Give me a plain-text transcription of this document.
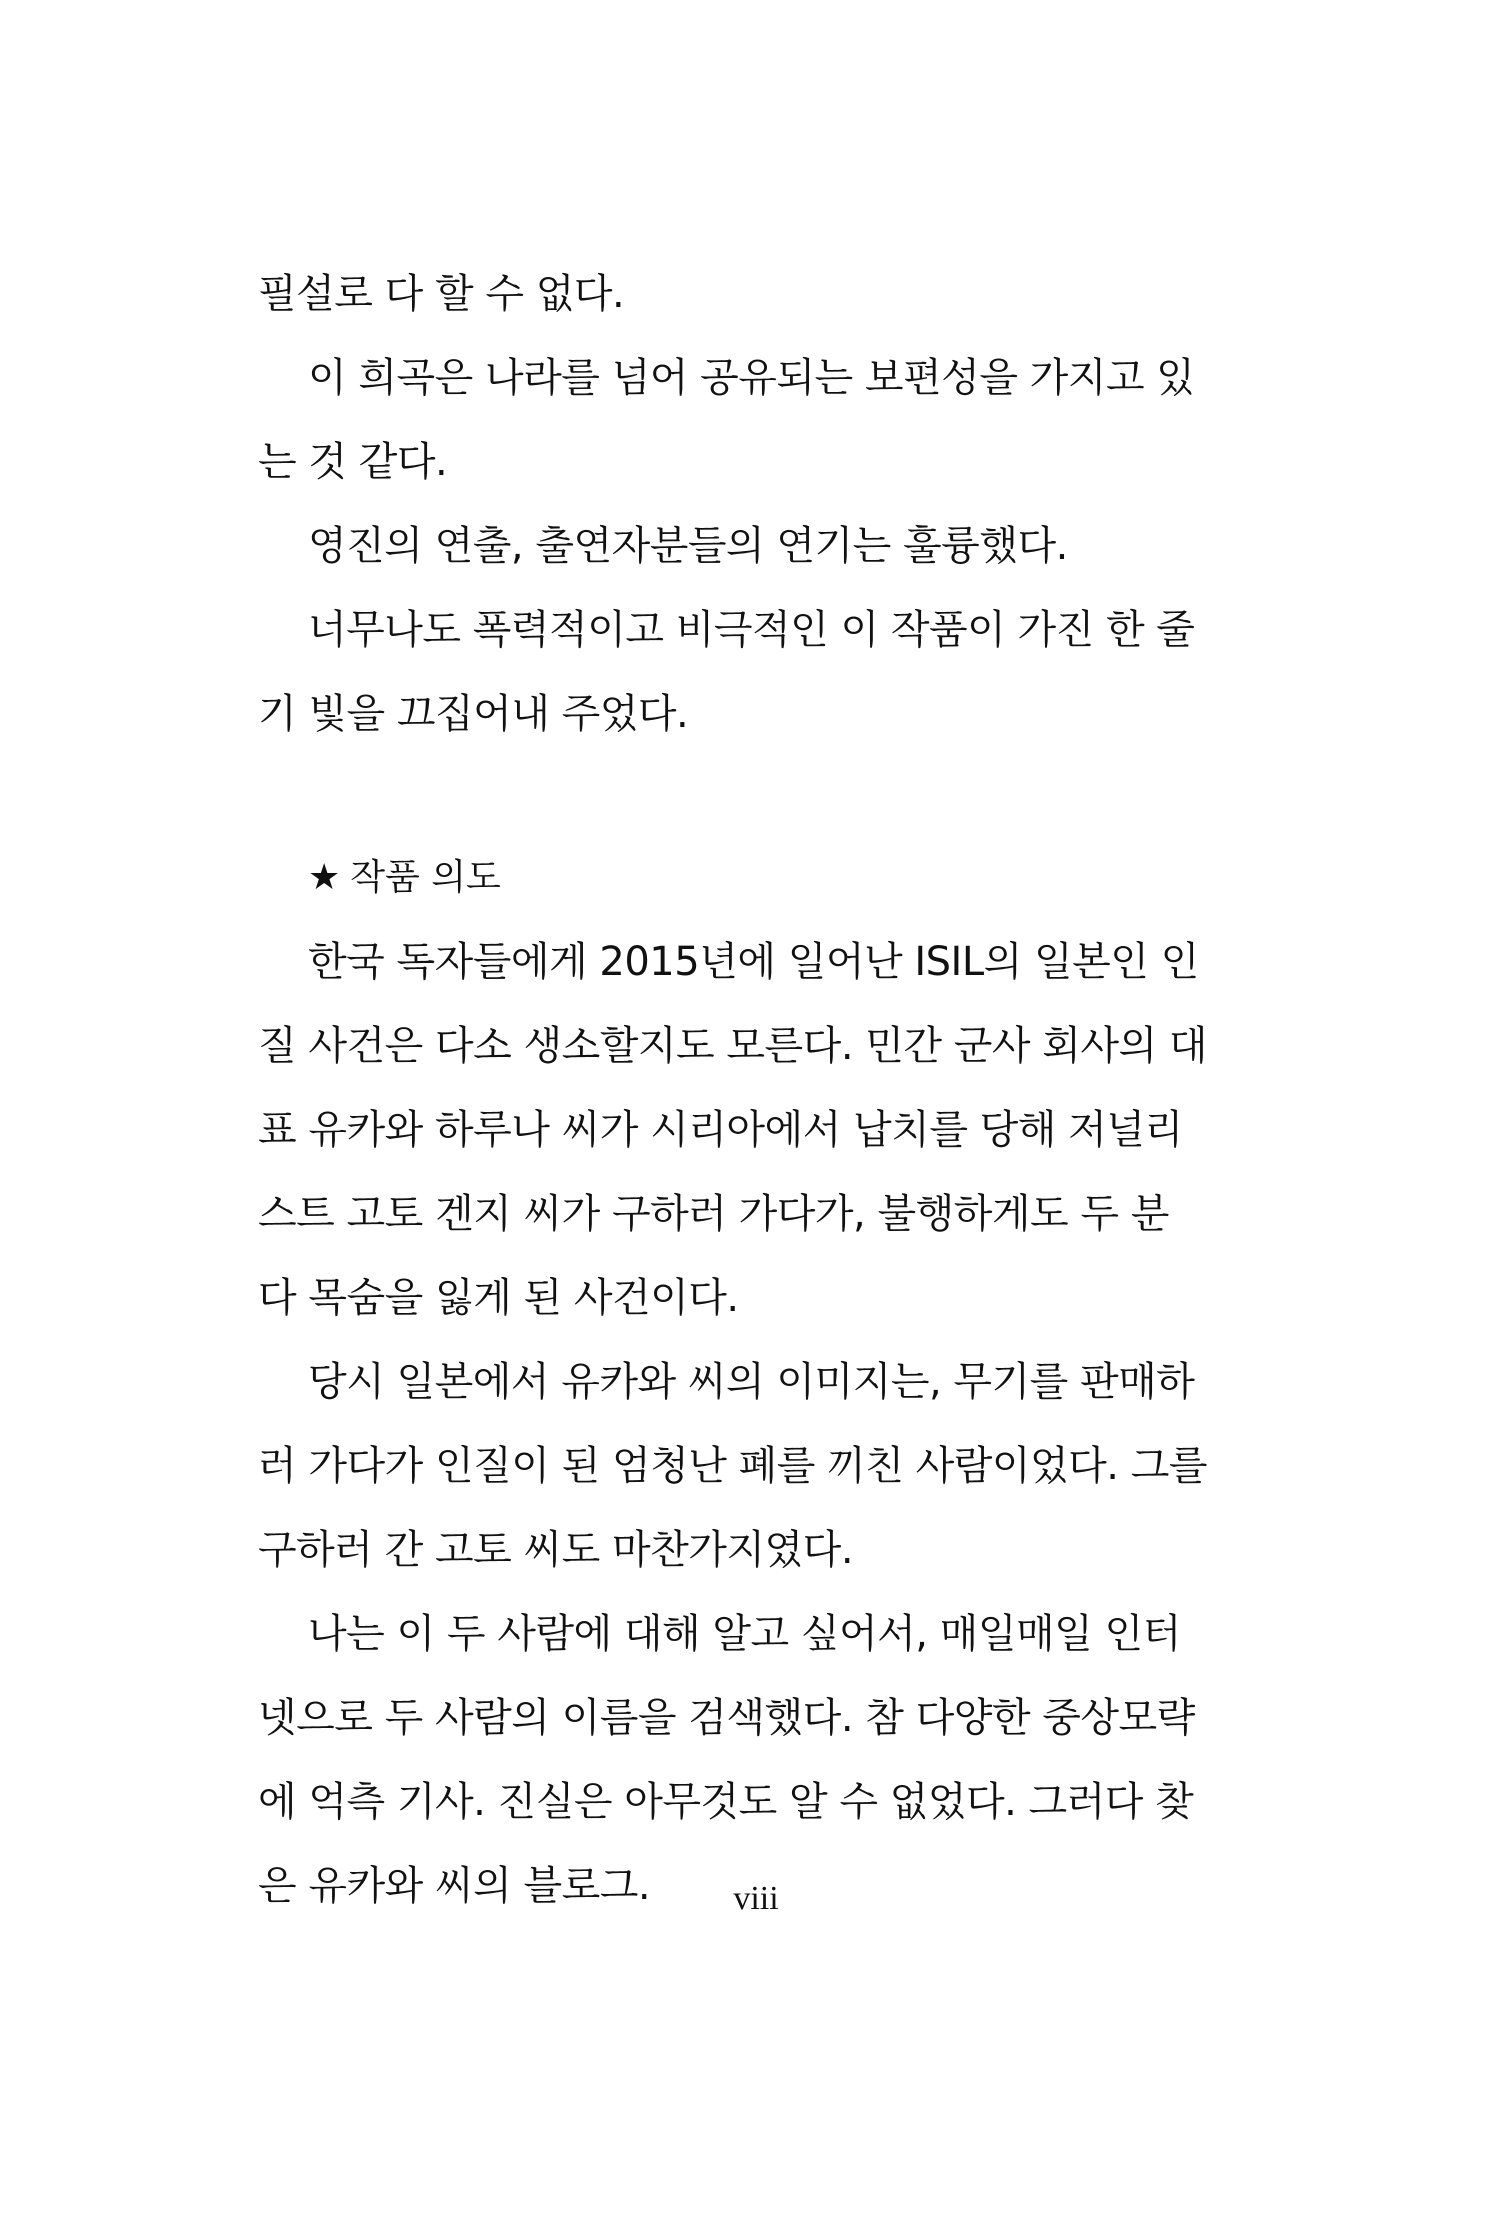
필설로 다 할 수 없다.
이 희곡은 나라를 넘어 공유되는 보편성을 가지고 있
는 것 같다.
영진의 연출, 출연자분들의 연기는 훌륭했다.
너무나도 폭력적이고 비극적인 이 작품이 가진 한 줄
기 빛을 끄집어내 주었다.
★ 작품 의도
한국 독자들에게 2015년에 일어난 ISIL의 일본인 인
질 사건은 다소 생소할지도 모른다. 민간 군사 회사의 대
표 유카와 하루나 씨가 시리아에서 납치를 당해 저널리
스트 고토 겐지 씨가 구하러 가다가, 불행하게도 두 분
다 목숨을 잃게 된 사건이다.
당시 일본에서 유카와 씨의 이미지는, 무기를 판매하
러 가다가 인질이 된 엄청난 폐를 끼친 사람이었다. 그를
구하러 간 고토 씨도 마찬가지였다.
나는 이 두 사람에 대해 알고 싶어서, 매일매일 인터
넷으로 두 사람의 이름을 검색했다. 참 다양한 중상모략
에 억측 기사. 진실은 아무것도 알 수 없었다. 그러다 찾
은 유카와 씨의 블로그.	viii
